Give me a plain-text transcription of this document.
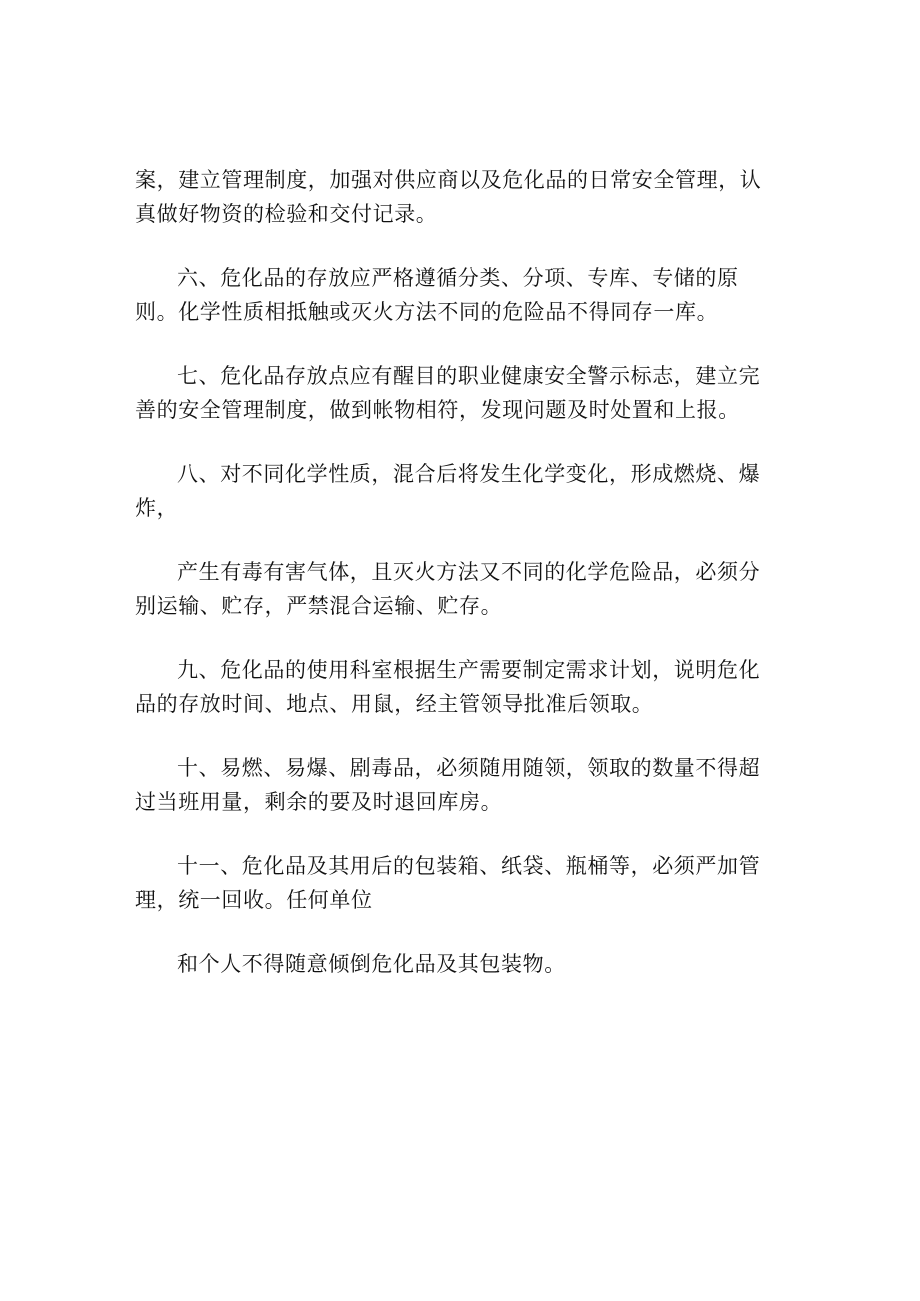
案，建立管理制度，加强对供应商以及危化品的日常安全管理，认真做好物资的检验和交付记录。

六、危化品的存放应严格遵循分类、分项、专库、专储的原则。化学性质相抵触或灭火方法不同的危险品不得同存一库。

七、危化品存放点应有醒目的职业健康安全警示标志，建立完善的安全管理制度，做到帐物相符，发现问题及时处置和上报。

八、对不同化学性质，混合后将发生化学变化，形成燃烧、爆炸，

产生有毒有害气体，且灭火方法又不同的化学危险品，必须分别运输、贮存，严禁混合运输、贮存。

九、危化品的使用科室根据生产需要制定需求计划，说明危化品的存放时间、地点、用鼠，经主管领导批准后领取。

十、易燃、易爆、剧毒品，必须随用随领，领取的数量不得超过当班用量，剩余的要及时退回库房。

十一、危化品及其用后的包装箱、纸袋、瓶桶等，必须严加管理，统一回收。任何单位

和个人不得随意倾倒危化品及其包装物。
